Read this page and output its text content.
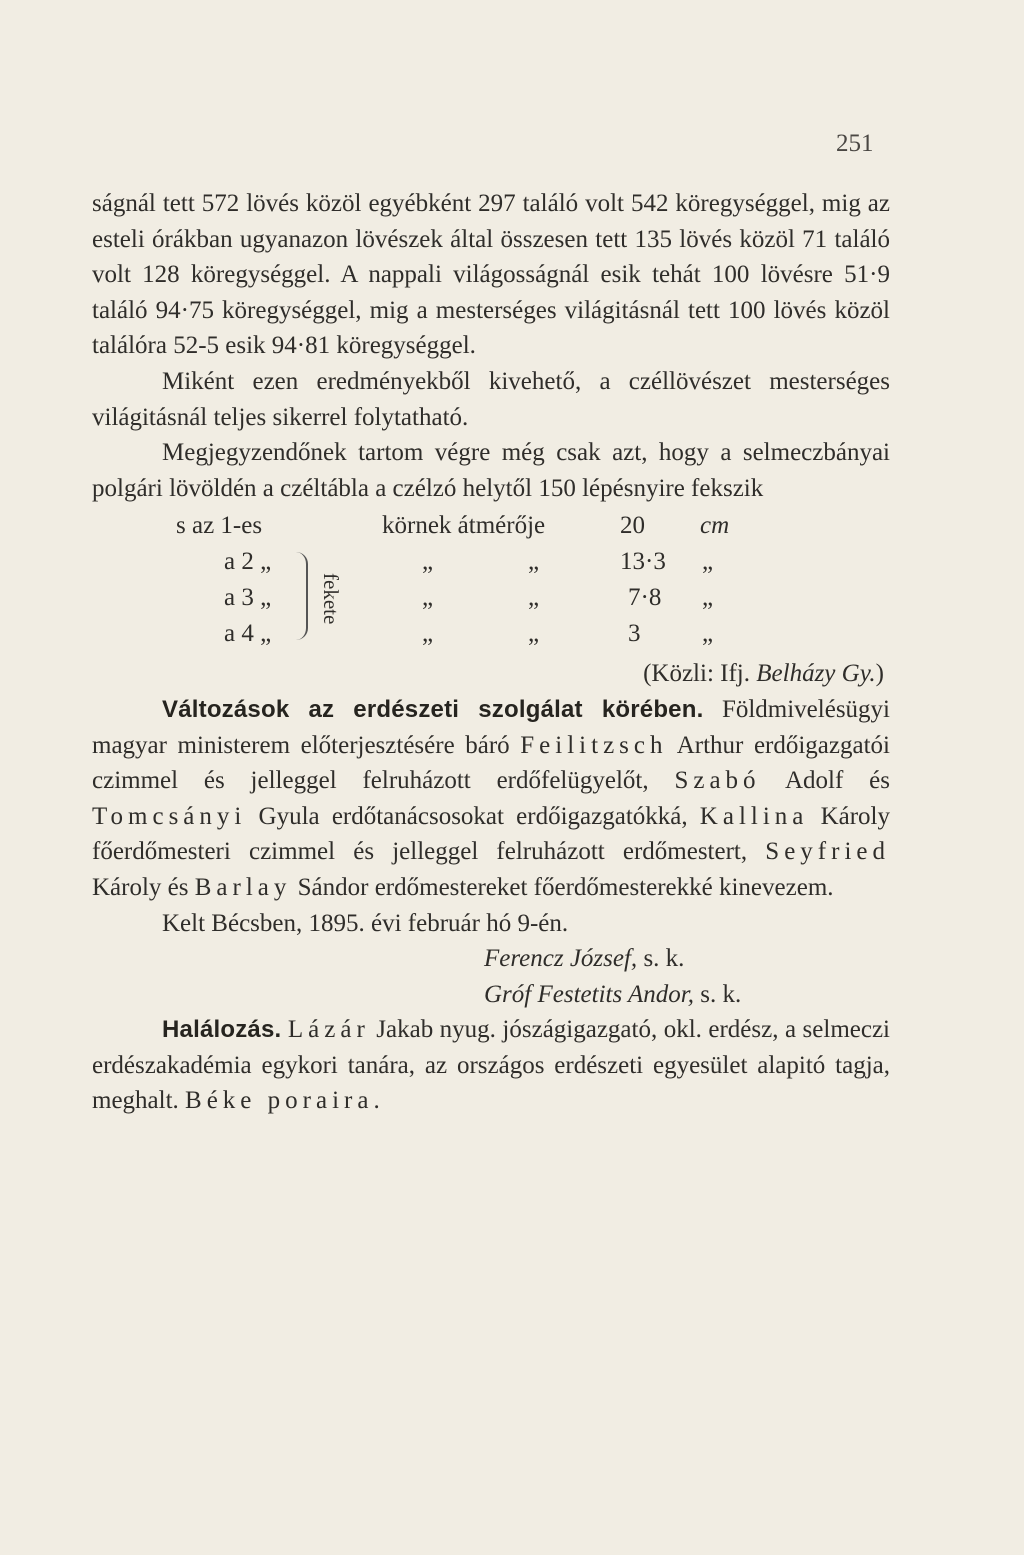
251

ságnál tett 572 lövés közöl egyébként 297 találó volt 542 köregységgel, mig az esteli órákban ugyanazon lövészek által összesen tett 135 lövés közöl 71 találó volt 128 köregységgel. A nappali világosságnál esik tehát 100 lövésre 51·9 találó 94·75 köregységgel, mig a mesterséges világitásnál tett 100 lövés közöl találóra 52-5 esik 94·81 köregységgel.

Miként ezen eredményekből kivehető, a czéllövészet mesterséges világitásnál teljes sikerrel folytatható.

Megjegyzendőnek tartom végre még csak azt, hogy a selmeczbányai polgári lövöldén a czéltábla a czélzó helytől 150 lépésnyire fekszik

s az 1-es	körnek átmérője	20 cm
a 2 „	„	„	13·3 „
a 3 „	„	„	7·8 „
a 4 „	„	„	3 „
fekete

(Közli: Ifj. Belházy Gy.)

Változások az erdészeti szolgálat körében. Földmivelésügyi magyar ministerem előterjesztésére báró Feilitzsch Arthur erdőigazgatói czimmel és jelleggel felruházott erdőfelügyelőt, Szabó Adolf és Tomcsányi Gyula erdőtanácsosokat erdőigazgatókká, Kallina Károly főerdőmesteri czimmel és jelleggel felruházott erdőmestert, Seyfried Károly és Barlay Sándor erdőmestereket főerdőmesterekké kinevezem.

Kelt Bécsben, 1895. évi február hó 9-én.

Ferencz József, s. k.

Gróf Festetits Andor, s. k.

Halálozás. Lázár Jakab nyug. jószágigazgató, okl. erdész, a selmeczi erdészakadémia egykori tanára, az országos erdészeti egyesület alapitó tagja, meghalt. Béke poraira.
